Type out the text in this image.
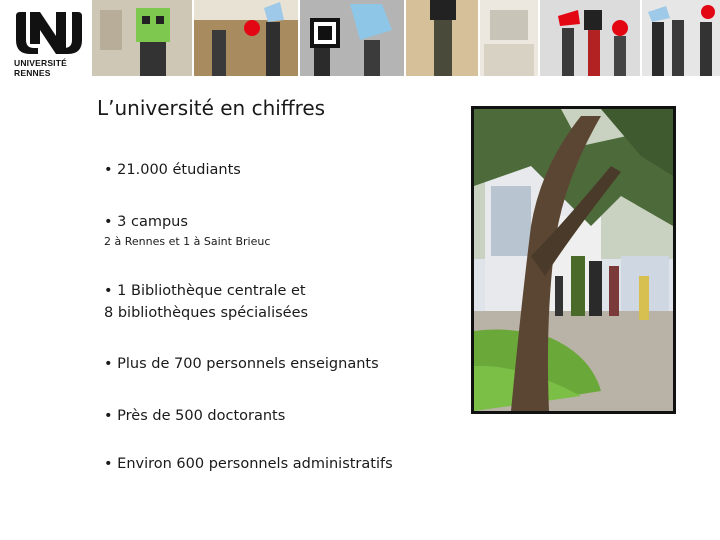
UNIVERSITÉ
RENNES
L’université en chiffres
• 21.000 étudiants
• 3 campus
2 à Rennes et 1 à Saint Brieuc
• 1 Bibliothèque centrale et
8 bibliothèques spécialisées
• Plus de 700 personnels enseignants
• Près de 500 doctorants
• Environ 600 personnels administratifs
